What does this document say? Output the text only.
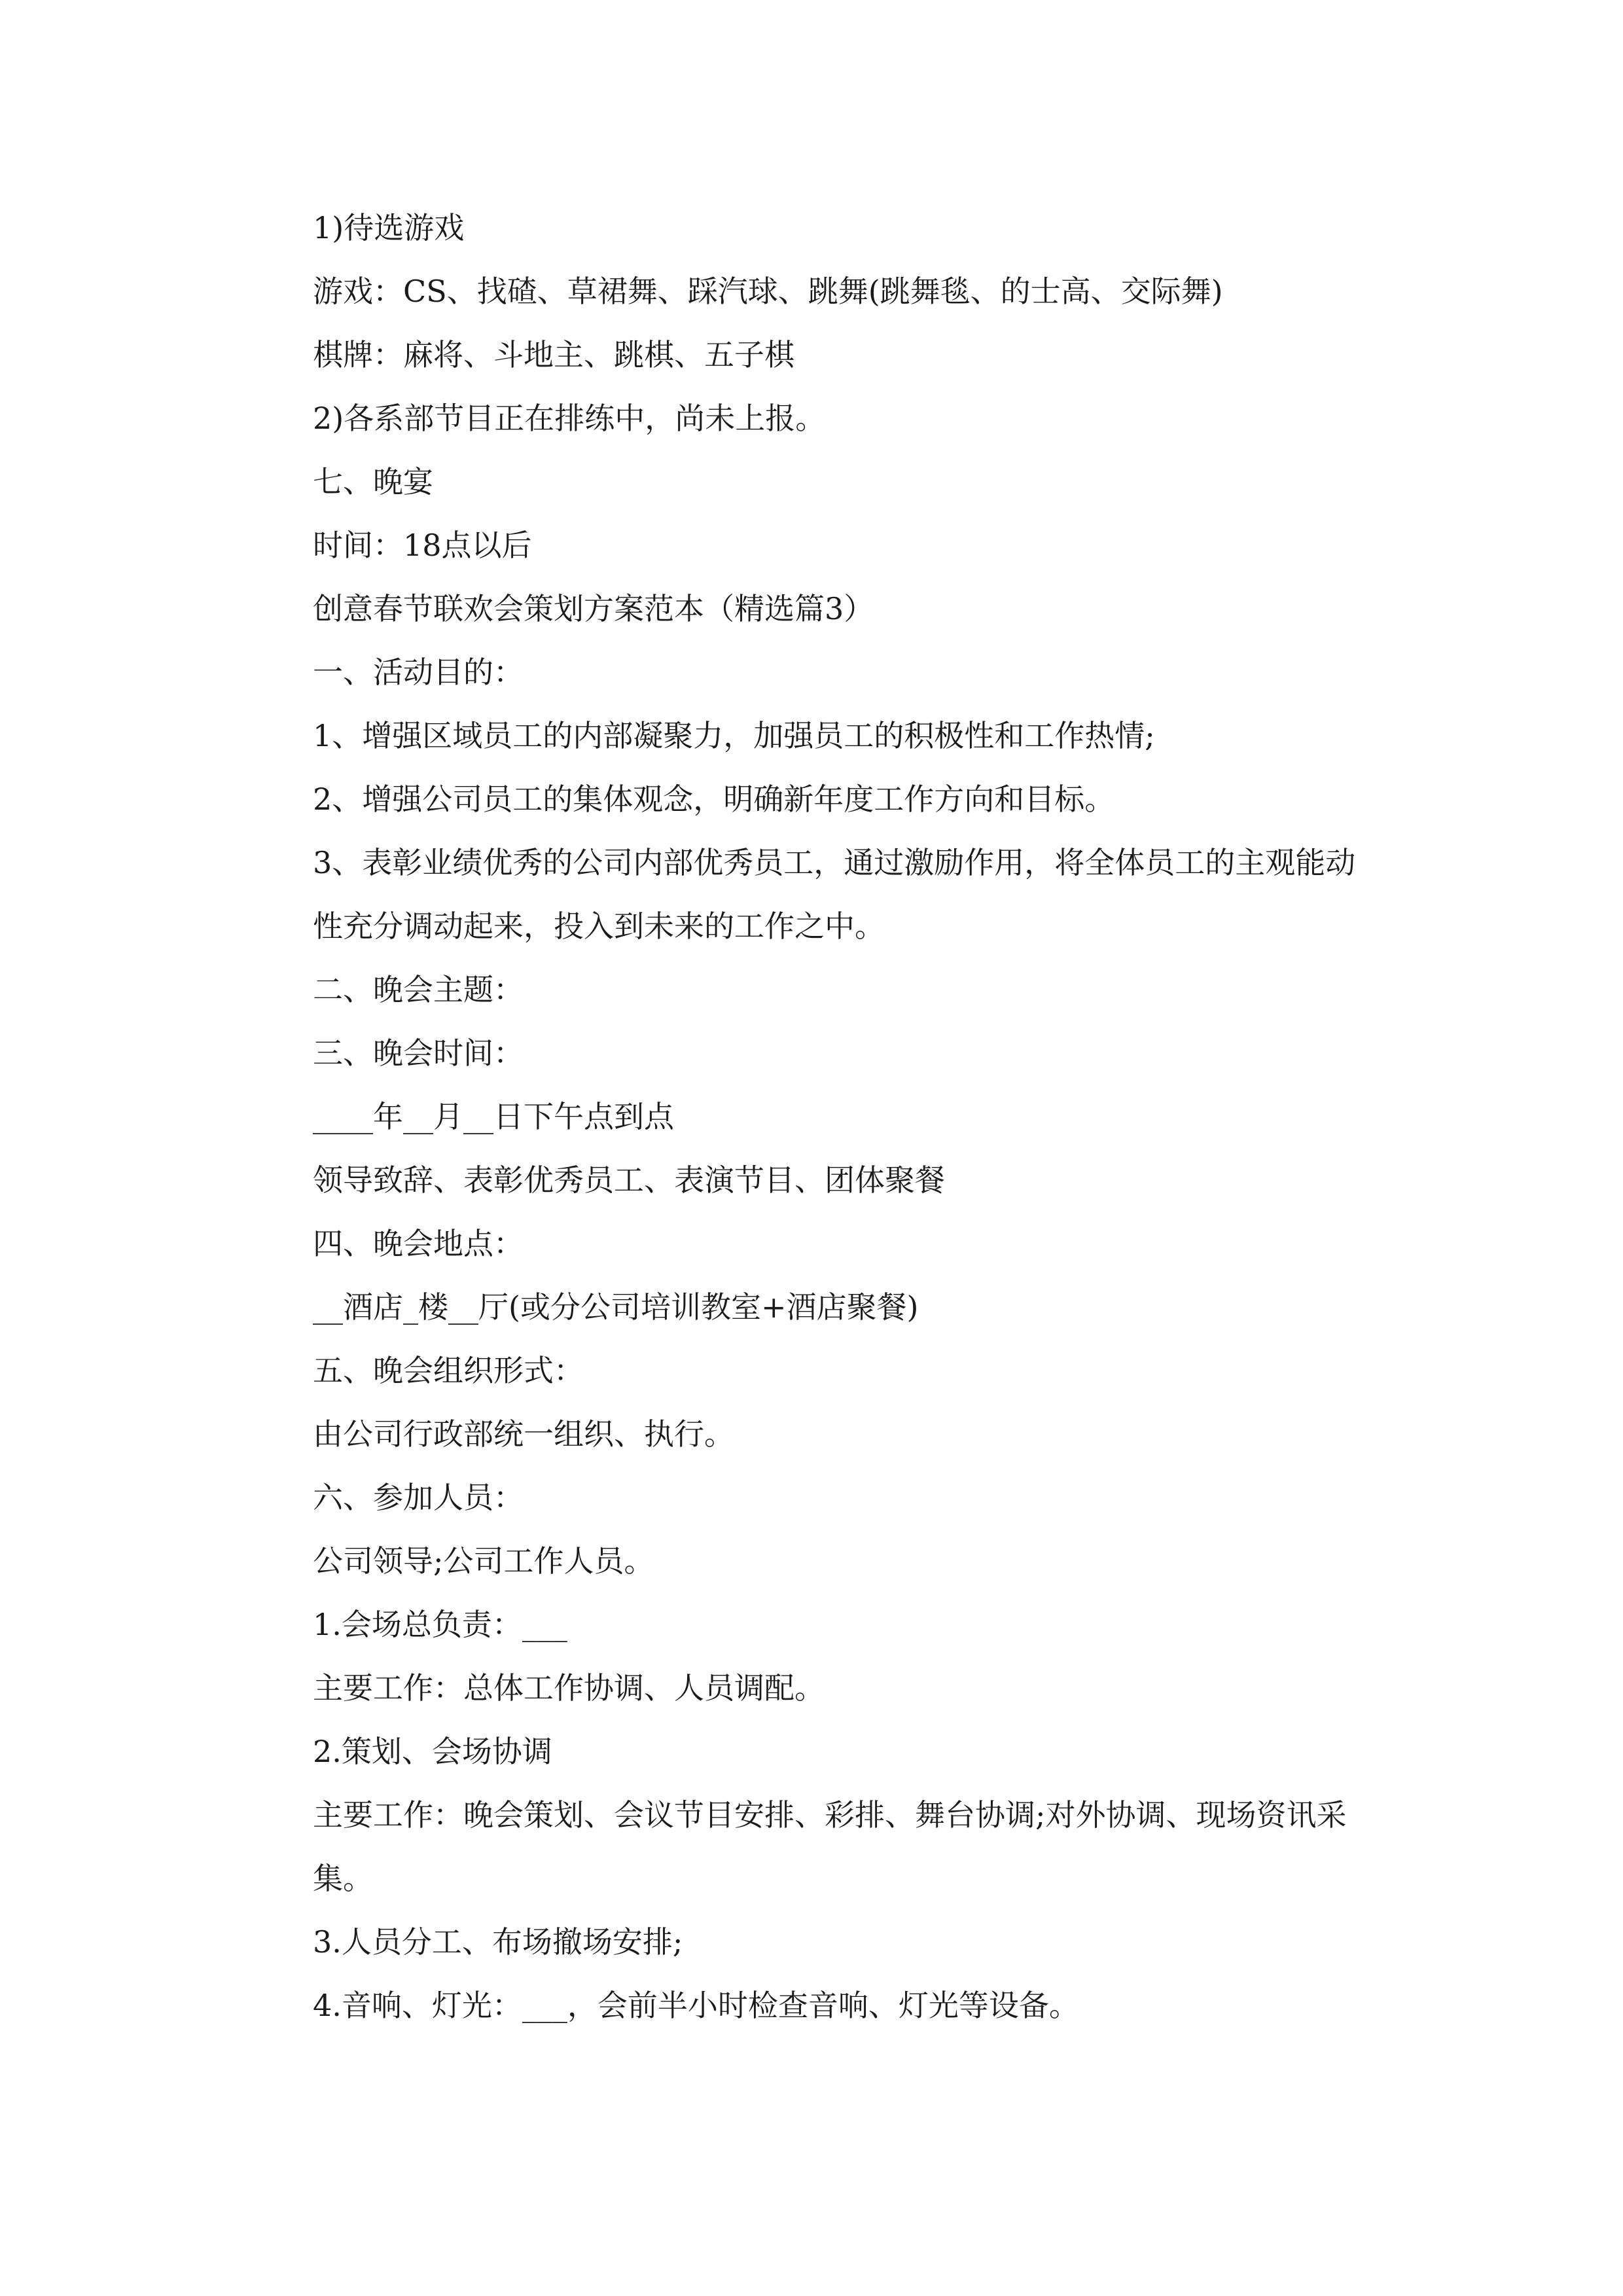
1)待选游戏

游戏：CS、找碴、草裙舞、踩汽球、跳舞(跳舞毯、的士高、交际舞)

棋牌：麻将、斗地主、跳棋、五子棋

2)各系部节目正在排练中，尚未上报。

七、晚宴

时间：18点以后

创意春节联欢会策划方案范本（精选篇3）

一、活动目的：

1、增强区域员工的内部凝聚力，加强员工的积极性和工作热情;

2、增强公司员工的集体观念，明确新年度工作方向和目标。

3、表彰业绩优秀的公司内部优秀员工，通过激励作用，将全体员工的主观能动性充分调动起来，投入到未来的工作之中。

二、晚会主题：

三、晚会时间：

____年__月__日下午点到点

领导致辞、表彰优秀员工、表演节目、团体聚餐

四、晚会地点：

__酒店_楼__厅(或分公司培训教室+酒店聚餐)

五、晚会组织形式：

由公司行政部统一组织、执行。

六、参加人员：

公司领导;公司工作人员。

1.会场总负责：___

主要工作：总体工作协调、人员调配。

2.策划、会场协调

主要工作：晚会策划、会议节目安排、彩排、舞台协调;对外协调、现场资讯采集。

3.人员分工、布场撤场安排;

4.音响、灯光：___，会前半小时检查音响、灯光等设备。
